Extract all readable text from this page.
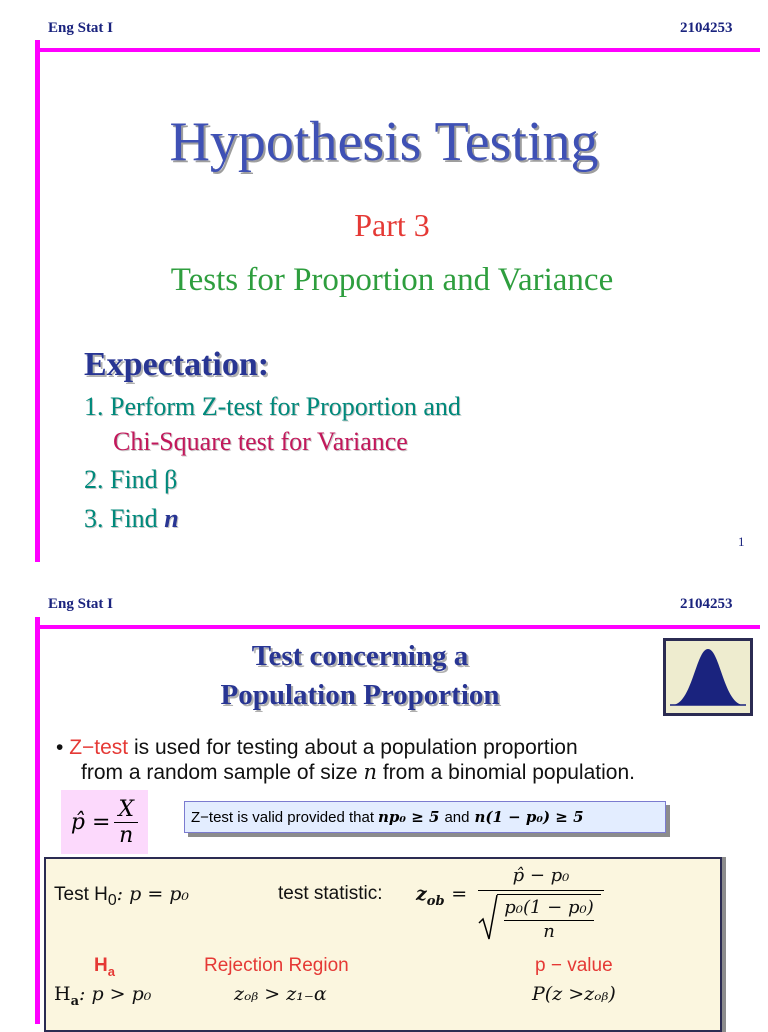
Eng Stat I	2104253
Hypothesis Testing
Part 3
Tests for Proportion and Variance
Expectation:
1. Perform Z-test for Proportion and
Chi-Square test for Variance
2. Find β
3. Find n
1
Eng Stat I	2104253
Test concerning a
Population Proportion
• Z−test is used for testing about a population proportion
from a random sample of size n from a binomial population.
p̂ = $\frac{X}{n}$	Z−test is valid provided that np₀ ≥ 5 and n(1 − p₀) ≥ 5
Test $H_0$: p = p₀	test statistic: $z_{ob}$ =
p̂ − p₀
p₀(1 − p₀)
n
$H_a$	Rejection Region	p − value
$H_a$: p > p₀	zₒᵦ > z₁₋α	P(z >zₒᵦ)
